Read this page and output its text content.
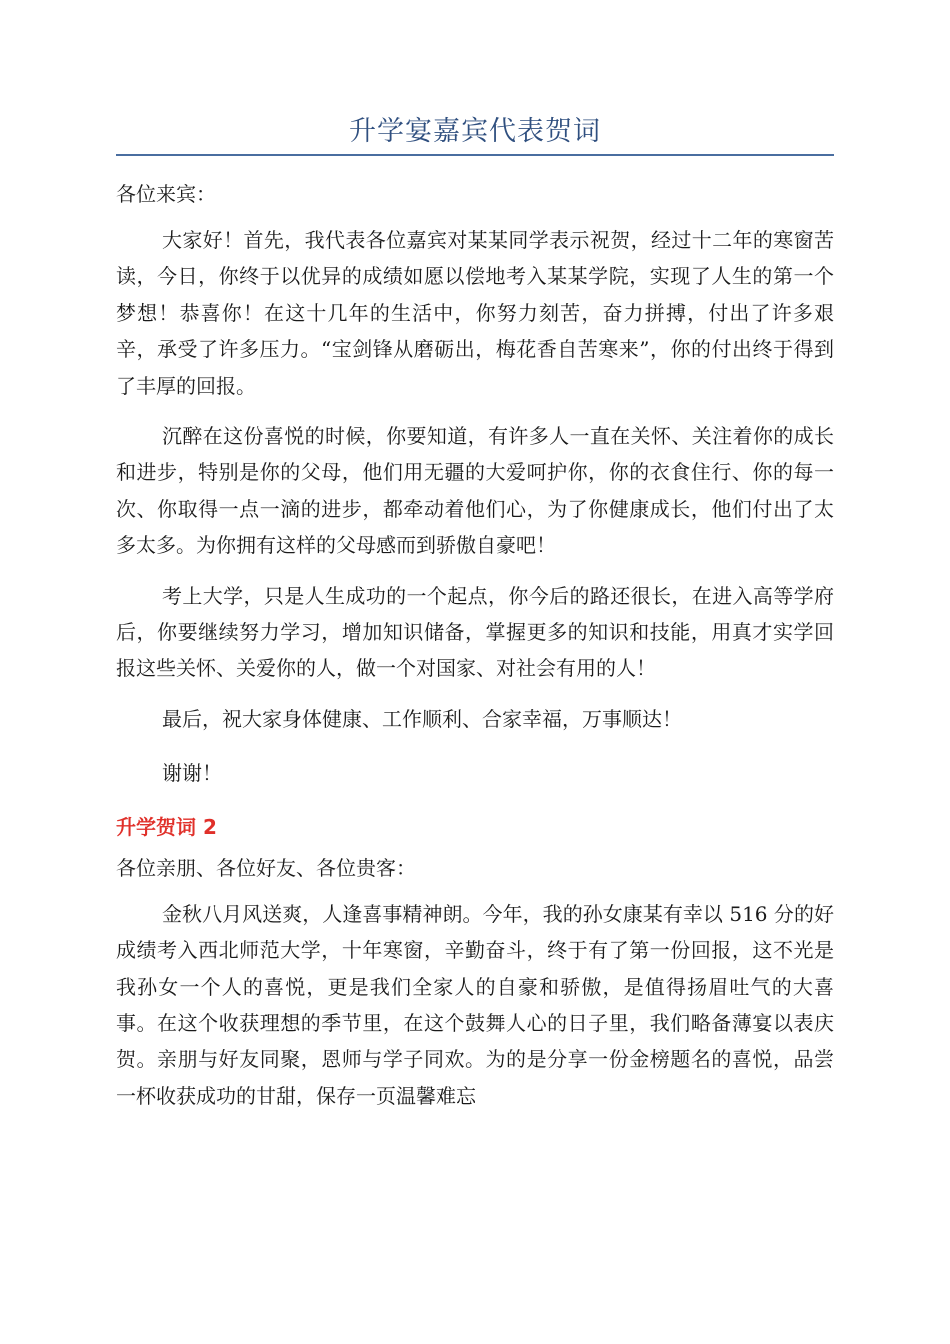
升学宴嘉宾代表贺词

各位来宾：

大家好！首先，我代表各位嘉宾对某某同学表示祝贺，经过十二年的寒窗苦读，今日，你终于以优异的成绩如愿以偿地考入某某学院，实现了人生的第一个梦想！恭喜你！在这十几年的生活中，你努力刻苦，奋力拼搏，付出了许多艰辛，承受了许多压力。“宝剑锋从磨砺出，梅花香自苦寒来”，你的付出终于得到了丰厚的回报。

沉醉在这份喜悦的时候，你要知道，有许多人一直在关怀、关注着你的成长和进步，特别是你的父母，他们用无疆的大爱呵护你，你的衣食住行、你的每一次、你取得一点一滴的进步，都牵动着他们心，为了你健康成长，他们付出了太多太多。为你拥有这样的父母感而到骄傲自豪吧！

考上大学，只是人生成功的一个起点，你今后的路还很长，在进入高等学府后，你要继续努力学习，增加知识储备，掌握更多的知识和技能，用真才实学回报这些关怀、关爱你的人，做一个对国家、对社会有用的人！

最后，祝大家身体健康、工作顺利、合家幸福，万事顺达！

谢谢！

升学贺词 2

各位亲朋、各位好友、各位贵客：

金秋八月风送爽，人逢喜事精神朗。今年，我的孙女康某有幸以 516 分的好成绩考入西北师范大学，十年寒窗，辛勤奋斗，终于有了第一份回报，这不光是我孙女一个人的喜悦，更是我们全家人的自豪和骄傲，是值得扬眉吐气的大喜事。在这个收获理想的季节里，在这个鼓舞人心的日子里，我们略备薄宴以表庆贺。亲朋与好友同聚，恩师与学子同欢。为的是分享一份金榜题名的喜悦，品尝一杯收获成功的甘甜，保存一页温馨难忘
